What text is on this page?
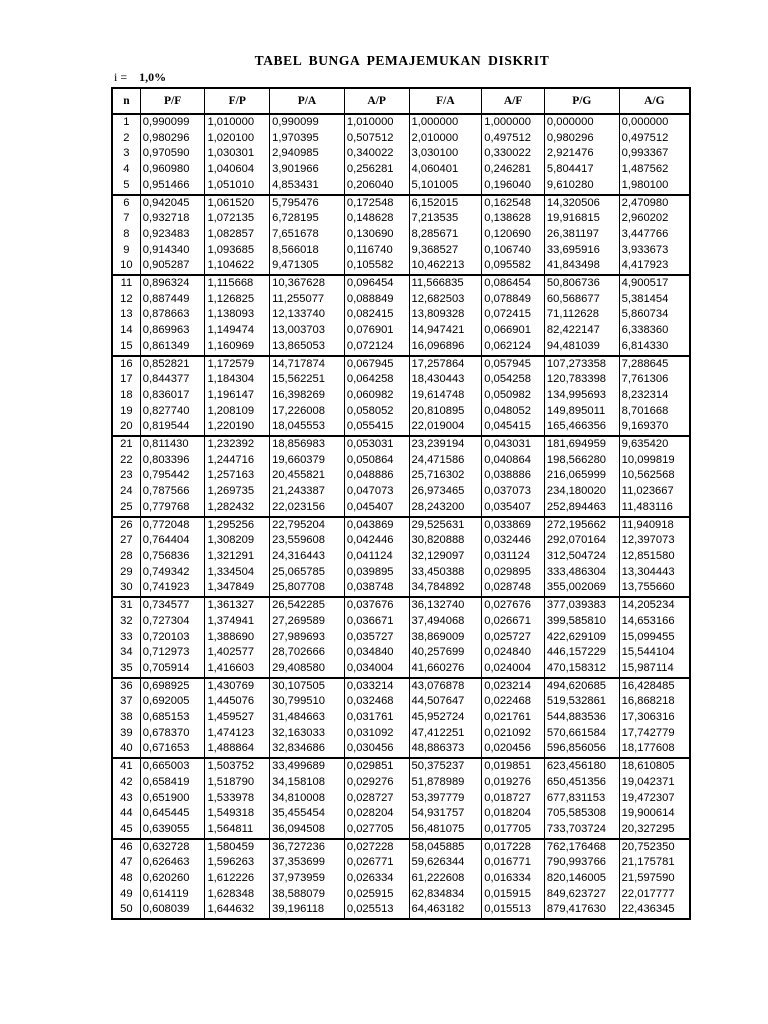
TABEL BUNGA PEMAJEMUKAN DISKRIT
i = 1,0%
n	P/F	F/P	P/A	A/P	F/A	A/F	P/G	A/G
1	0,990099	1,010000	0,990099	1,010000	1,000000	1,000000	0,000000	0,000000
2	0,980296	1,020100	1,970395	0,507512	2,010000	0,497512	0,980296	0,497512
3	0,970590	1,030301	2,940985	0,340022	3,030100	0,330022	2,921476	0,993367
4	0,960980	1,040604	3,901966	0,256281	4,060401	0,246281	5,804417	1,487562
5	0,951466	1,051010	4,853431	0,206040	5,101005	0,196040	9,610280	1,980100
6	0,942045	1,061520	5,795476	0,172548	6,152015	0,162548	14,320506	2,470980
7	0,932718	1,072135	6,728195	0,148628	7,213535	0,138628	19,916815	2,960202
8	0,923483	1,082857	7,651678	0,130690	8,285671	0,120690	26,381197	3,447766
9	0,914340	1,093685	8,566018	0,116740	9,368527	0,106740	33,695916	3,933673
10	0,905287	1,104622	9,471305	0,105582	10,462213	0,095582	41,843498	4,417923
11	0,896324	1,115668	10,367628	0,096454	11,566835	0,086454	50,806736	4,900517
12	0,887449	1,126825	11,255077	0,088849	12,682503	0,078849	60,568677	5,381454
13	0,878663	1,138093	12,133740	0,082415	13,809328	0,072415	71,112628	5,860734
14	0,869963	1,149474	13,003703	0,076901	14,947421	0,066901	82,422147	6,338360
15	0,861349	1,160969	13,865053	0,072124	16,096896	0,062124	94,481039	6,814330
16	0,852821	1,172579	14,717874	0,067945	17,257864	0,057945	107,273358	7,288645
17	0,844377	1,184304	15,562251	0,064258	18,430443	0,054258	120,783398	7,761306
18	0,836017	1,196147	16,398269	0,060982	19,614748	0,050982	134,995693	8,232314
19	0,827740	1,208109	17,226008	0,058052	20,810895	0,048052	149,895011	8,701668
20	0,819544	1,220190	18,045553	0,055415	22,019004	0,045415	165,466356	9,169370
21	0,811430	1,232392	18,856983	0,053031	23,239194	0,043031	181,694959	9,635420
22	0,803396	1,244716	19,660379	0,050864	24,471586	0,040864	198,566280	10,099819
23	0,795442	1,257163	20,455821	0,048886	25,716302	0,038886	216,065999	10,562568
24	0,787566	1,269735	21,243387	0,047073	26,973465	0,037073	234,180020	11,023667
25	0,779768	1,282432	22,023156	0,045407	28,243200	0,035407	252,894463	11,483116
26	0,772048	1,295256	22,795204	0,043869	29,525631	0,033869	272,195662	11,940918
27	0,764404	1,308209	23,559608	0,042446	30,820888	0,032446	292,070164	12,397073
28	0,756836	1,321291	24,316443	0,041124	32,129097	0,031124	312,504724	12,851580
29	0,749342	1,334504	25,065785	0,039895	33,450388	0,029895	333,486304	13,304443
30	0,741923	1,347849	25,807708	0,038748	34,784892	0,028748	355,002069	13,755660
31	0,734577	1,361327	26,542285	0,037676	36,132740	0,027676	377,039383	14,205234
32	0,727304	1,374941	27,269589	0,036671	37,494068	0,026671	399,585810	14,653166
33	0,720103	1,388690	27,989693	0,035727	38,869009	0,025727	422,629109	15,099455
34	0,712973	1,402577	28,702666	0,034840	40,257699	0,024840	446,157229	15,544104
35	0,705914	1,416603	29,408580	0,034004	41,660276	0,024004	470,158312	15,987114
36	0,698925	1,430769	30,107505	0,033214	43,076878	0,023214	494,620685	16,428485
37	0,692005	1,445076	30,799510	0,032468	44,507647	0,022468	519,532861	16,868218
38	0,685153	1,459527	31,484663	0,031761	45,952724	0,021761	544,883536	17,306316
39	0,678370	1,474123	32,163033	0,031092	47,412251	0,021092	570,661584	17,742779
40	0,671653	1,488864	32,834686	0,030456	48,886373	0,020456	596,856056	18,177608
41	0,665003	1,503752	33,499689	0,029851	50,375237	0,019851	623,456180	18,610805
42	0,658419	1,518790	34,158108	0,029276	51,878989	0,019276	650,451356	19,042371
43	0,651900	1,533978	34,810008	0,028727	53,397779	0,018727	677,831153	19,472307
44	0,645445	1,549318	35,455454	0,028204	54,931757	0,018204	705,585308	19,900614
45	0,639055	1,564811	36,094508	0,027705	56,481075	0,017705	733,703724	20,327295
46	0,632728	1,580459	36,727236	0,027228	58,045885	0,017228	762,176468	20,752350
47	0,626463	1,596263	37,353699	0,026771	59,626344	0,016771	790,993766	21,175781
48	0,620260	1,612226	37,973959	0,026334	61,222608	0,016334	820,146005	21,597590
49	0,614119	1,628348	38,588079	0,025915	62,834834	0,015915	849,623727	22,017777
50	0,608039	1,644632	39,196118	0,025513	64,463182	0,015513	879,417630	22,436345
